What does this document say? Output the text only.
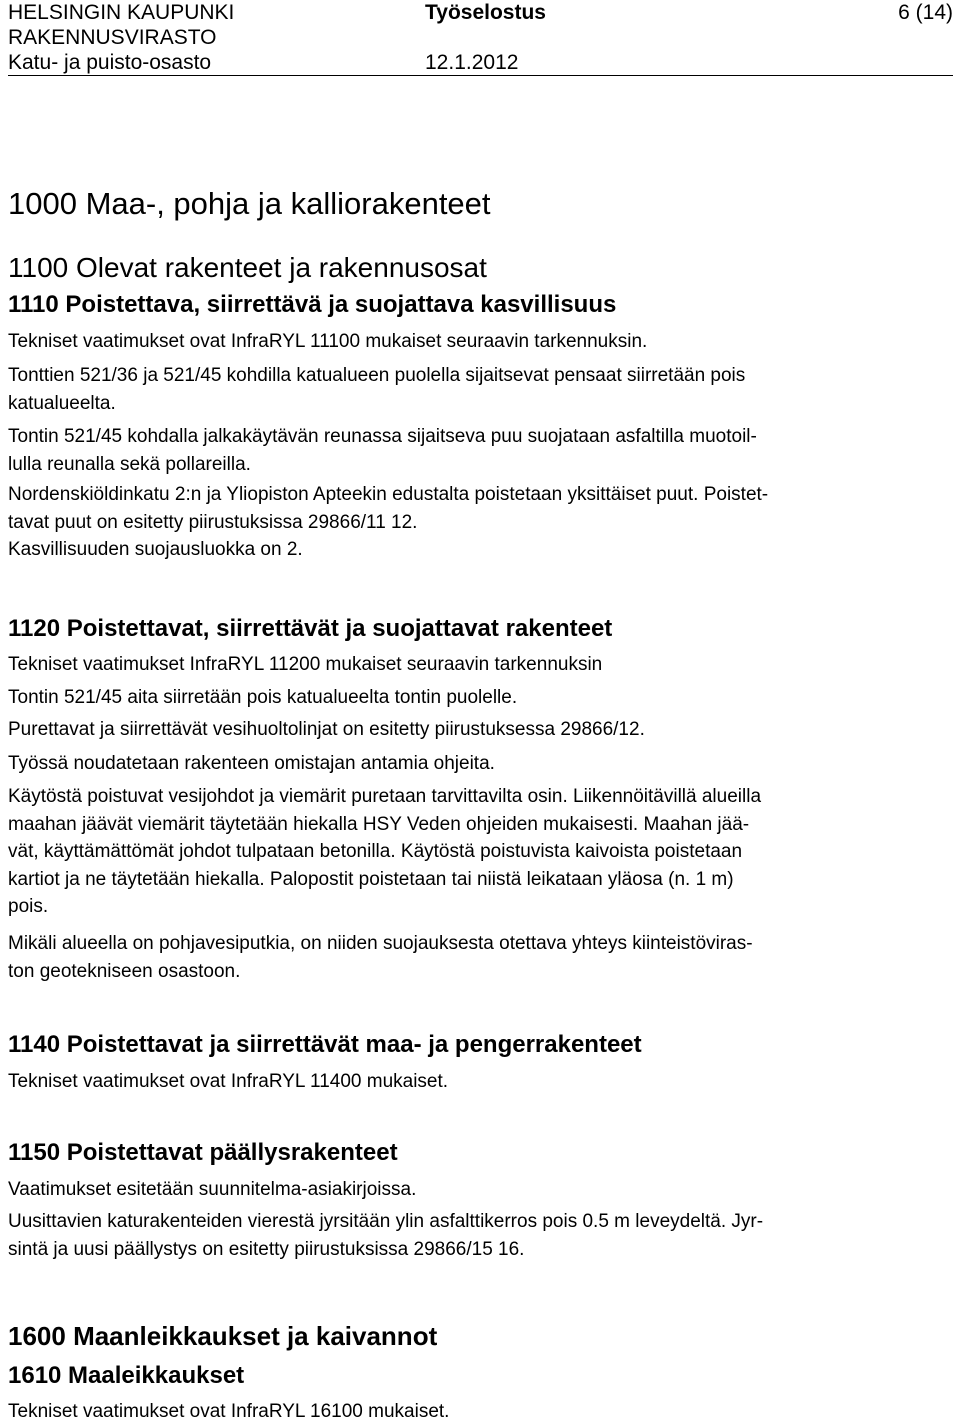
HELSINGIN KAUPUNKI
RAKENNUSVIRASTO
Katu- ja puisto-osasto
Työselostus
12.1.2012
6 (14)
1000 Maa-, pohja ja kalliorakenteet
1100 Olevat rakenteet ja rakennusosat
1110 Poistettava, siirrettävä ja suojattava kasvillisuus
Tekniset vaatimukset ovat InfraRYL 11100 mukaiset seuraavin tarkennuksin.
Tonttien 521/36 ja 521/45 kohdilla katualueen puolella sijaitsevat pensaat siirretään pois
katualueelta.
Tontin 521/45 kohdalla jalkakäytävän reunassa sijaitseva puu suojataan asfaltilla muotoil-
lulla reunalla sekä pollareilla.
Nordenskiöldinkatu 2:n ja Yliopiston Apteekin edustalta poistetaan yksittäiset puut. Poistet-
tavat puut on esitetty piirustuksissa 29866/11 12.
Kasvillisuuden suojausluokka on 2.
1120 Poistettavat, siirrettävät ja suojattavat rakenteet
Tekniset vaatimukset InfraRYL 11200 mukaiset seuraavin tarkennuksin
Tontin 521/45 aita siirretään pois katualueelta tontin puolelle.
Purettavat ja siirrettävät vesihuoltolinjat on esitetty piirustuksessa 29866/12.
Työssä noudatetaan rakenteen omistajan antamia ohjeita.
Käytöstä poistuvat vesijohdot ja viemärit puretaan tarvittavilta osin. Liikennöitävillä alueilla
maahan jäävät viemärit täytetään hiekalla HSY Veden ohjeiden mukaisesti. Maahan jää-
vät, käyttämättömät johdot tulpataan betonilla. Käytöstä poistuvista kaivoista poistetaan
kartiot ja ne täytetään hiekalla. Palopostit poistetaan tai niistä leikataan yläosa (n. 1 m)
pois.
Mikäli alueella on pohjavesiputkia, on niiden suojauksesta otettava yhteys kiinteistöviras-
ton geotekniseen osastoon.
1140 Poistettavat ja siirrettävät maa- ja pengerrakenteet
Tekniset vaatimukset ovat InfraRYL 11400 mukaiset.
1150 Poistettavat päällysrakenteet
Vaatimukset esitetään suunnitelma-asiakirjoissa.
Uusittavien katurakenteiden vierestä jyrsitään ylin asfalttikerros pois 0.5 m leveydeltä. Jyr-
sintä ja uusi päällystys on esitetty piirustuksissa 29866/15 16.
1600 Maanleikkaukset ja kaivannot
1610 Maaleikkaukset
Tekniset vaatimukset ovat InfraRYL 16100 mukaiset.
